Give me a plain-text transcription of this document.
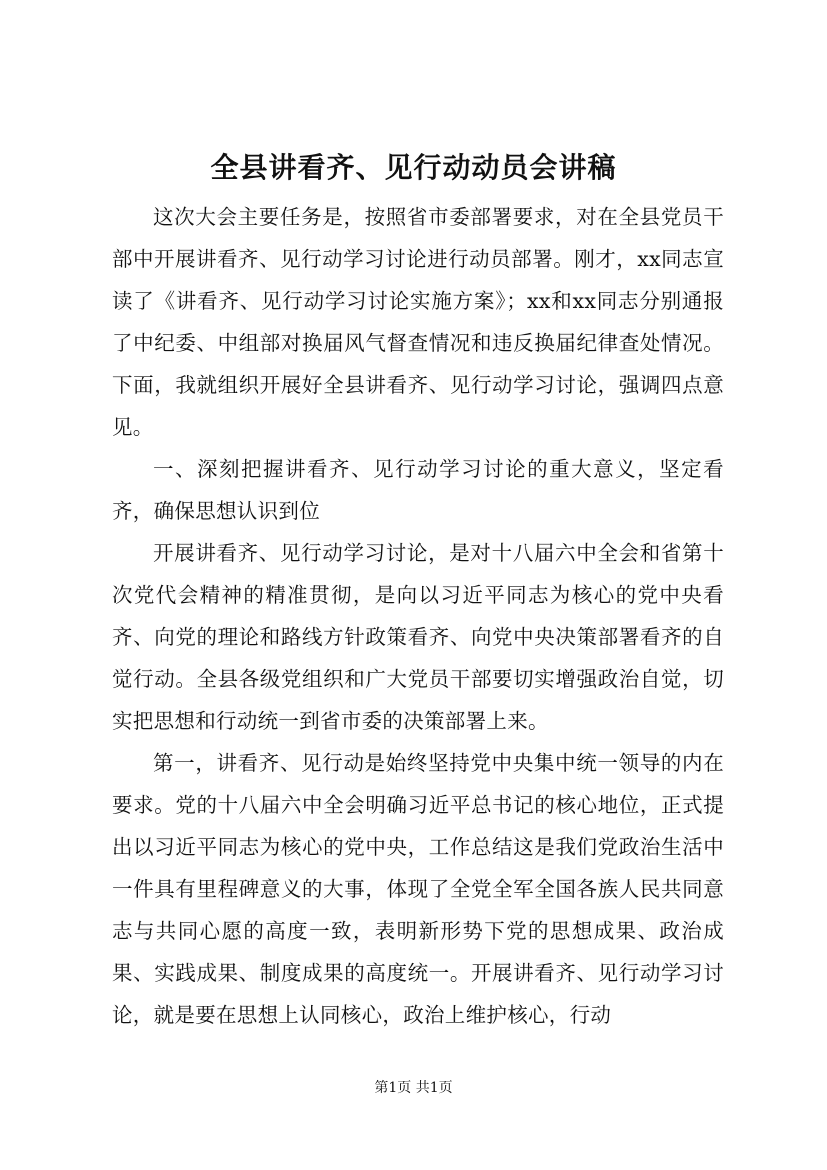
全县讲看齐、见行动动员会讲稿

这次大会主要任务是，按照省市委部署要求，对在全县党员干部中开展讲看齐、见行动学习讨论进行动员部署。刚才，xx同志宣读了《讲看齐、见行动学习讨论实施方案》；xx和xx同志分别通报了中纪委、中组部对换届风气督查情况和违反换届纪律查处情况。下面，我就组织开展好全县讲看齐、见行动学习讨论，强调四点意见。

一、深刻把握讲看齐、见行动学习讨论的重大意义，坚定看齐，确保思想认识到位

开展讲看齐、见行动学习讨论，是对十八届六中全会和省第十次党代会精神的精准贯彻，是向以习近平同志为核心的党中央看齐、向党的理论和路线方针政策看齐、向党中央决策部署看齐的自觉行动。全县各级党组织和广大党员干部要切实增强政治自觉，切实把思想和行动统一到省市委的决策部署上来。

第一，讲看齐、见行动是始终坚持党中央集中统一领导的内在要求。党的十八届六中全会明确习近平总书记的核心地位，正式提出以习近平同志为核心的党中央，工作总结这是我们党政治生活中一件具有里程碑意义的大事，体现了全党全军全国各族人民共同意志与共同心愿的高度一致，表明新形势下党的思想成果、政治成果、实践成果、制度成果的高度统一。开展讲看齐、见行动学习讨论，就是要在思想上认同核心，政治上维护核心，行动

第1页 共1页
